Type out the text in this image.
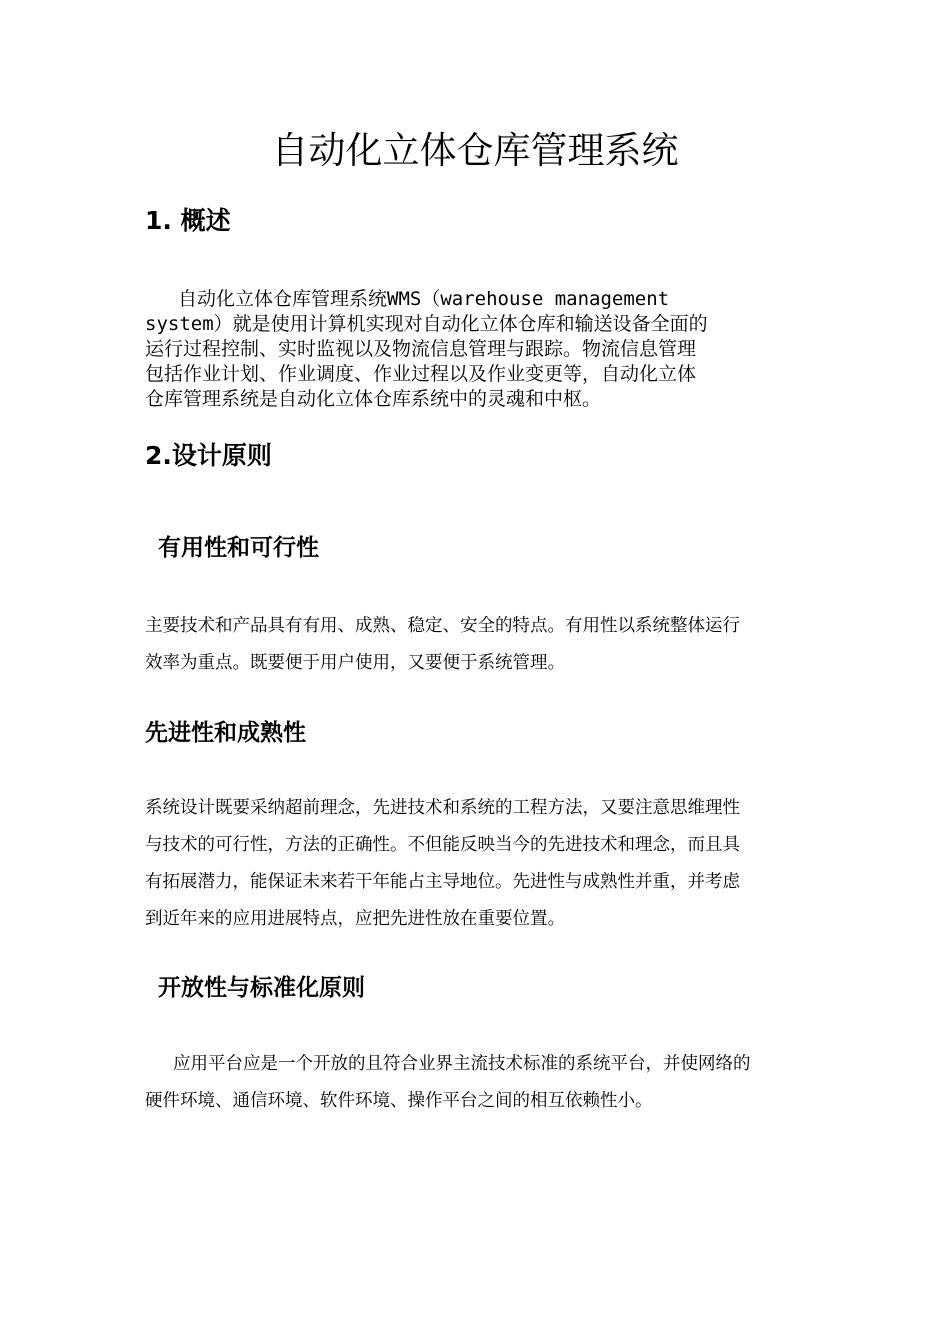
自动化立体仓库管理系统
1. 概述
自动化立体仓库管理系统WMS（warehouse management
system）就是使用计算机实现对自动化立体仓库和输送设备全面的
运行过程控制、实时监视以及物流信息管理与跟踪。物流信息管理
包括作业计划、作业调度、作业过程以及作业变更等，自动化立体
仓库管理系统是自动化立体仓库系统中的灵魂和中枢。
2.设计原则
有用性和可行性
主要技术和产品具有有用、成熟、稳定、安全的特点。有用性以系统整体运行
效率为重点。既要便于用户使用，又要便于系统管理。
先进性和成熟性
系统设计既要采纳超前理念，先进技术和系统的工程方法，又要注意思维理性
与技术的可行性，方法的正确性。不但能反映当今的先进技术和理念，而且具
有拓展潜力，能保证未来若干年能占主导地位。先进性与成熟性并重，并考虑
到近年来的应用进展特点，应把先进性放在重要位置。
开放性与标准化原则
应用平台应是一个开放的且符合业界主流技术标准的系统平台，并使网络的
硬件环境、通信环境、软件环境、操作平台之间的相互依赖性小。
